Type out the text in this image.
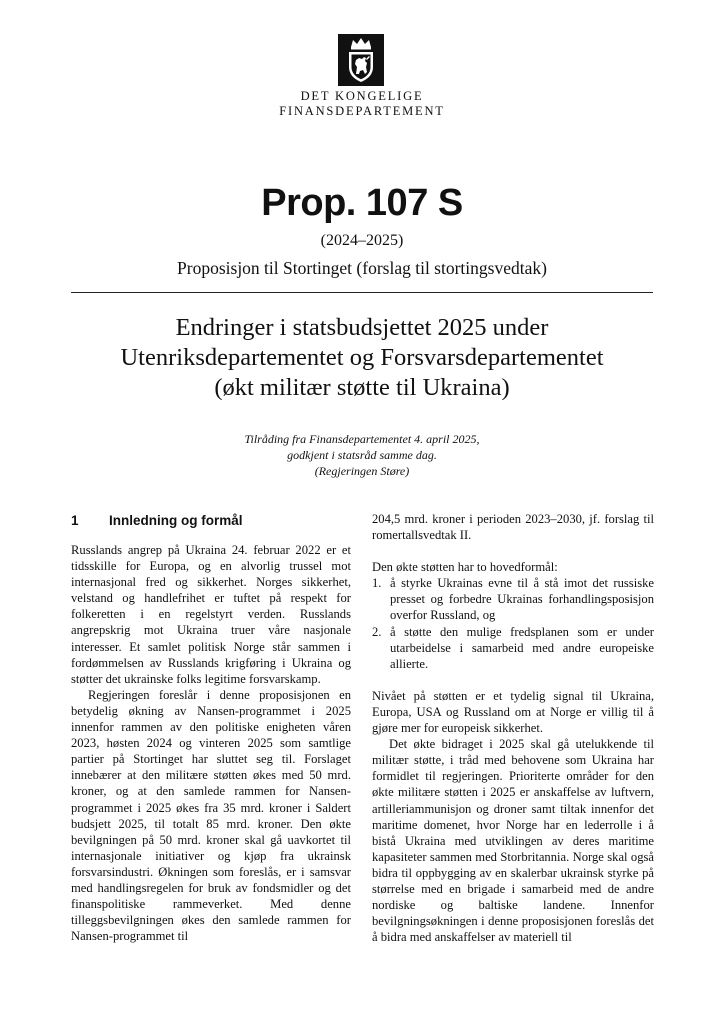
DET KONGELIGE
FINANSDEPARTEMENT
Prop. 107 S
(2024–2025)
Proposisjon til Stortinget (forslag til stortingsvedtak)
Endringer i statsbudsjettet 2025 under
Utenriksdepartementet og Forsvarsdepartementet
(økt militær støtte til Ukraina)
Tilråding fra Finansdepartementet 4. april 2025,
godkjent i statsråd samme dag.
(Regjeringen Støre)
1 Innledning og formål

Russlands angrep på Ukraina 24. februar 2022 er et tidsskille for Europa, og en alvorlig trussel mot internasjonal fred og sikkerhet. Norges sikkerhet, velstand og handlefrihet er tuftet på respekt for folkeretten i en regelstyrt verden. Russlands angrepskrig mot Ukraina truer våre nasjonale interesser. Et samlet politisk Norge står sammen i fordømmelsen av Russlands krigføring i Ukraina og støtter det ukrainske folks legitime forsvarskamp.

Regjeringen foreslår i denne proposisjonen en betydelig økning av Nansen-programmet i 2025 innenfor rammen av den politiske enigheten våren 2023, høsten 2024 og vinteren 2025 som samtlige partier på Stortinget har sluttet seg til. Forslaget innebærer at den militære støtten økes med 50 mrd. kroner, og at den samlede rammen for Nansen-programmet i 2025 økes fra 35 mrd. kroner i Saldert budsjett 2025, til totalt 85 mrd. kroner. Den økte bevilgningen på 50 mrd. kroner skal gå uavkortet til internasjonale initiativer og kjøp fra ukrainsk forsvarsindustri. Økningen som foreslås, er i samsvar med handlingsregelen for bruk av fondsmidler og det finanspolitiske rammeverket. Med denne tilleggsbevilgningen økes den samlede rammen for Nansen-programmet til

204,5 mrd. kroner i perioden 2023–2030, jf. forslag til romertallsvedtak II.

Den økte støtten har to hovedformål:

1. å styrke Ukrainas evne til å stå imot det russiske presset og forbedre Ukrainas forhandlingsposisjon overfor Russland, og
2. å støtte den mulige fredsplanen som er under utarbeidelse i samarbeid med andre europeiske allierte.

Nivået på støtten er et tydelig signal til Ukraina, Europa, USA og Russland om at Norge er villig til å gjøre mer for europeisk sikkerhet.

Det økte bidraget i 2025 skal gå utelukkende til militær støtte, i tråd med behovene som Ukraina har formidlet til regjeringen. Prioriterte områder for den økte militære støtten i 2025 er anskaffelse av luftvern, artilleriammunisjon og droner samt tiltak innenfor det maritime domenet, hvor Norge har en lederrolle i å bistå Ukraina med utviklingen av deres maritime kapasiteter sammen med Storbritannia. Norge skal også bidra til oppbygging av en skalerbar ukrainsk styrke på størrelse med en brigade i samarbeid med de andre nordiske og baltiske landene. Innenfor bevilgningsøkningen i denne proposisjonen foreslås det å bidra med anskaffelser av materiell til
